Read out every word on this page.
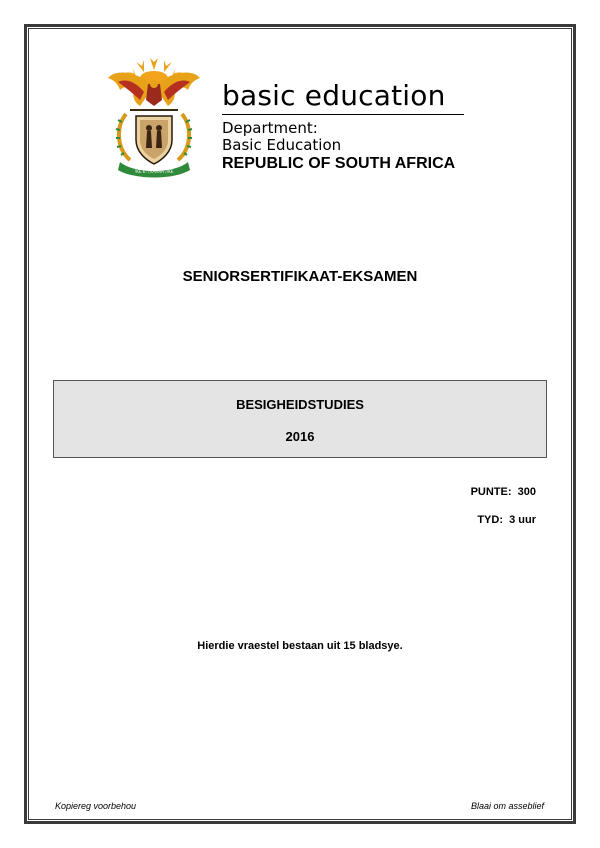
!KE E: /XARRA //KE
basic education
Department:
Basic Education
REPUBLIC OF SOUTH AFRICA
SENIORSERTIFIKAAT-EKSAMEN
BESIGHEIDSTUDIES
2016
PUNTE:  300
TYD:  3 uur
Hierdie vraestel bestaan uit 15 bladsye.
Kopiereg voorbehou	Blaai om asseblief
